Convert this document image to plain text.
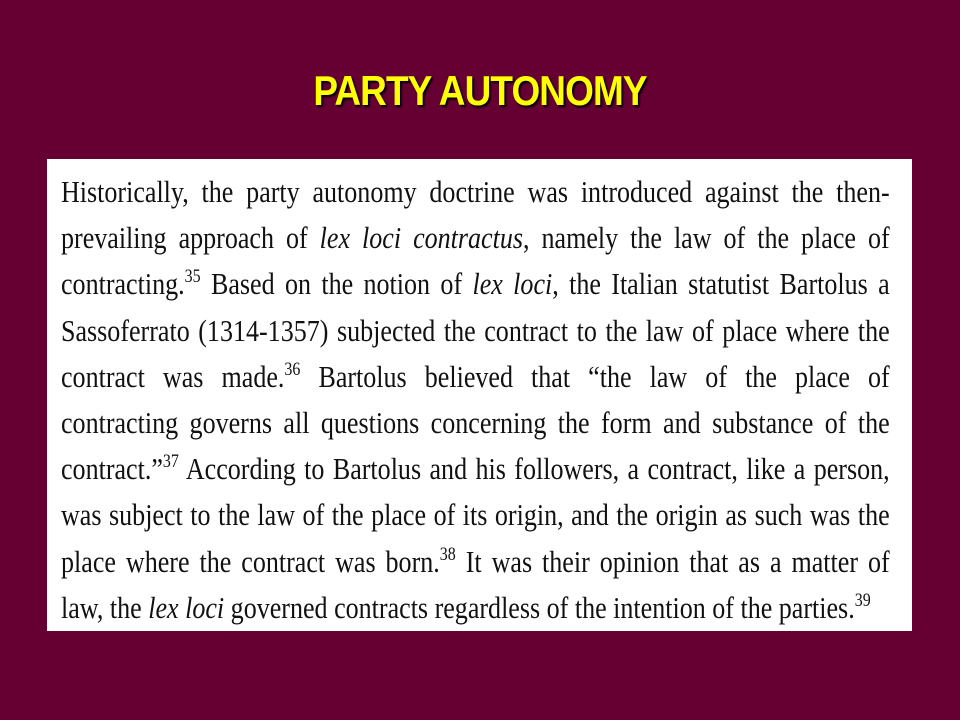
PARTY AUTONOMY
Historically, the party autonomy doctrine was introduced against the then-
prevailing approach of lex loci contractus, namely the law of the place of
contracting.$^{35}$ Based on the notion of lex loci, the Italian statutist Bartolus a
Sassoferrato (1314-1357) subjected the contract to the law of place where the
contract was made.$^{36}$ Bartolus believed that “the law of the place of
contracting governs all questions concerning the form and substance of the
contract.”$^{37}$ According to Bartolus and his followers, a contract, like a person,
was subject to the law of the place of its origin, and the origin as such was the
place where the contract was born.$^{38}$ It was their opinion that as a matter of
law, the lex loci governed contracts regardless of the intention of the parties.$^{39}$
